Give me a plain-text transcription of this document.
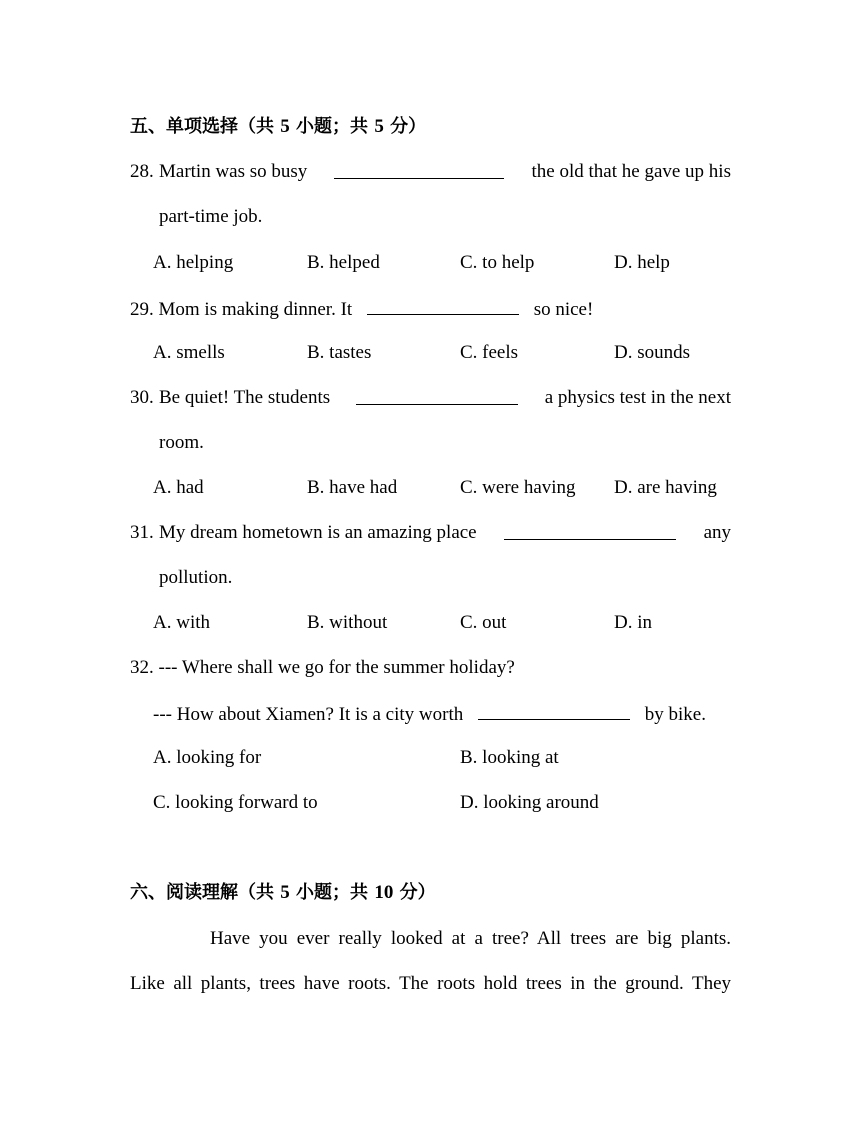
五、单项选择（共 5 小题；共 5 分）
28. Martin was so busy	the old that he gave up his
part-time job.
A. helping	B. helped	C. to help	D. help
29. Mom is making dinner. It	so nice!
A. smells	B. tastes	C. feels	D. sounds
30. Be quiet! The students	a physics test in the next
room.
A. had	B. have had	C. were having D. are having
31. My dream hometown is an amazing place	any
pollution.
A. with	B. without	C. out	D. in
32. --- Where shall we go for the summer holiday?
--- How about Xiamen? It is a city worth	by bike.
A. looking for	B. looking at
C. looking forward to	D. looking around
六、阅读理解（共 5 小题；共 10 分）
Have you ever really looked at a tree? All trees are big plants.
Like all plants, trees have roots. The roots hold trees in the ground. They
